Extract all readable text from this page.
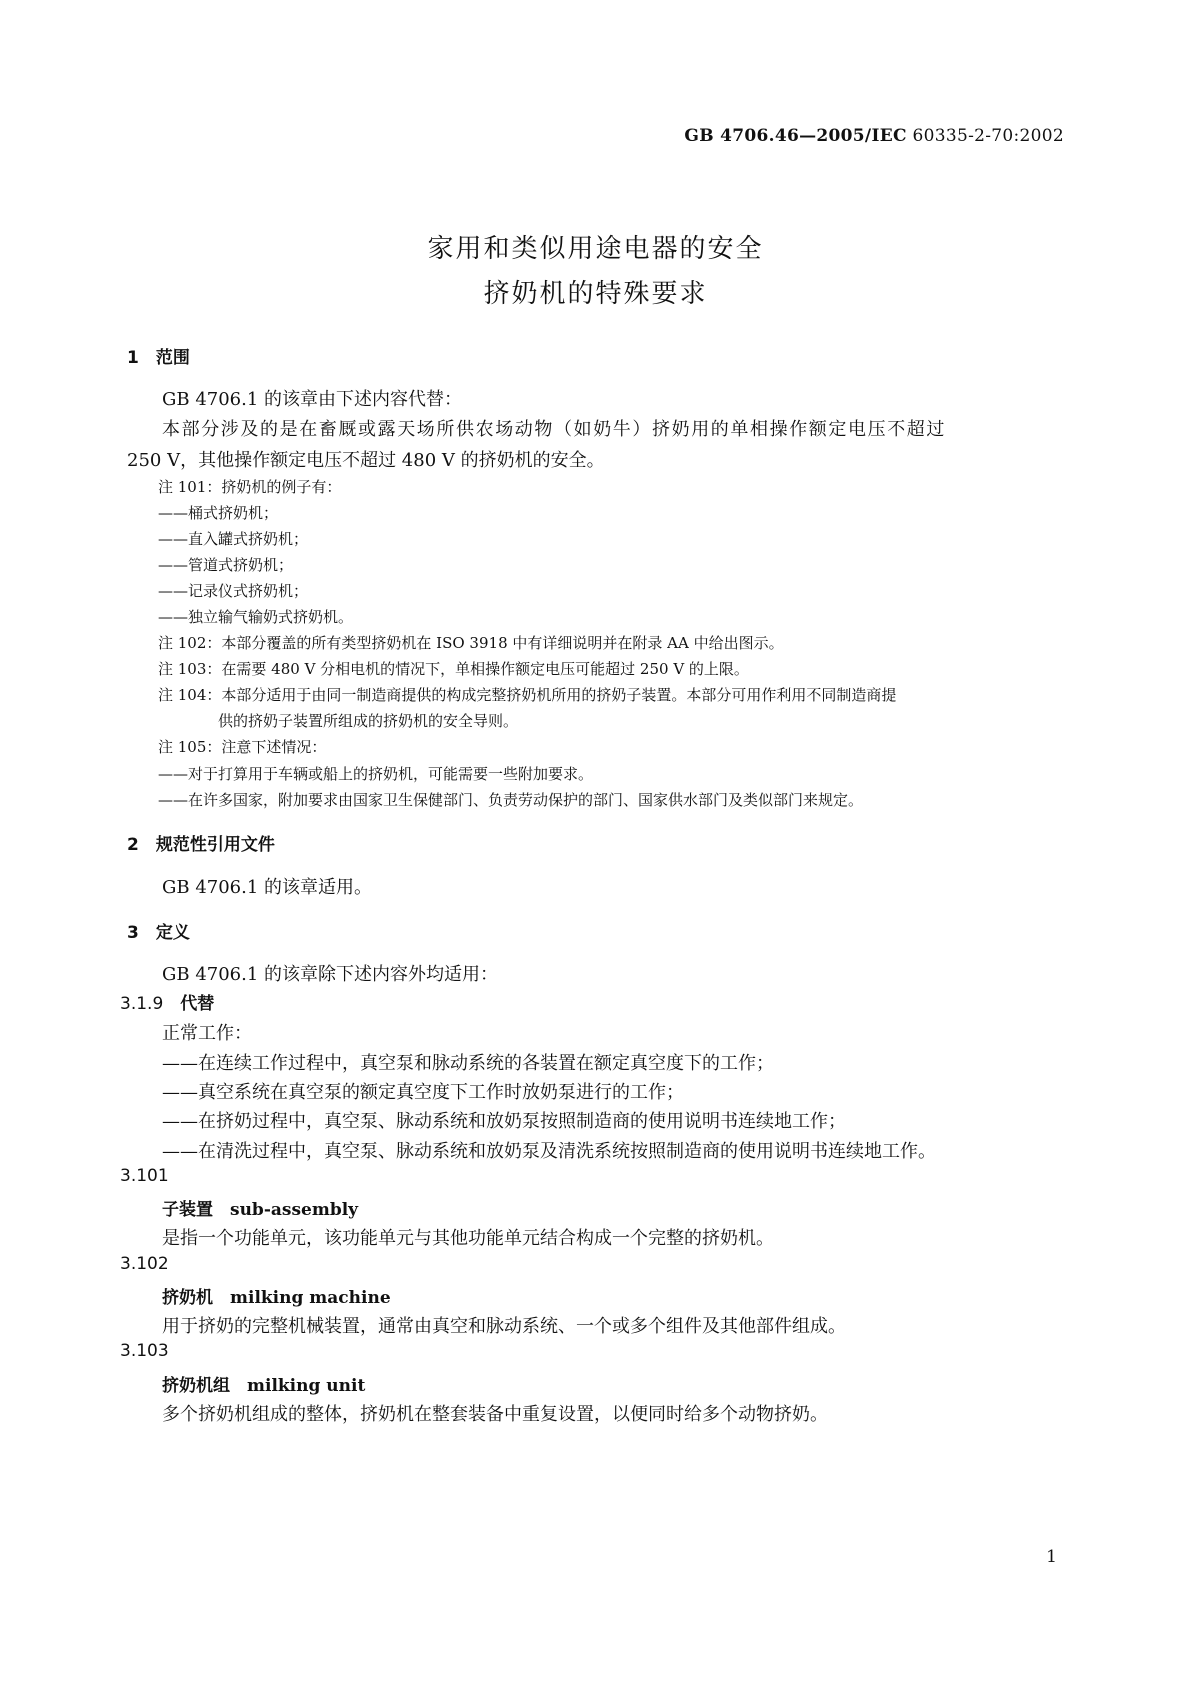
GB 4706.46—2005/IEC 60335-2-70:2002
家用和类似用途电器的安全
挤奶机的特殊要求
1　范围
GB 4706.1 的该章由下述内容代替：
本部分涉及的是在畜厩或露天场所供农场动物（如奶牛）挤奶用的单相操作额定电压不超过
250 V，其他操作额定电压不超过 480 V 的挤奶机的安全。
注 101：挤奶机的例子有：
——桶式挤奶机；
——直入罐式挤奶机；
——管道式挤奶机；
——记录仪式挤奶机；
——独立输气输奶式挤奶机。
注 102：本部分覆盖的所有类型挤奶机在 ISO 3918 中有详细说明并在附录 AA 中给出图示。
注 103：在需要 480 V 分相电机的情况下，单相操作额定电压可能超过 250 V 的上限。
注 104：本部分适用于由同一制造商提供的构成完整挤奶机所用的挤奶子装置。本部分可用作利用不同制造商提
供的挤奶子装置所组成的挤奶机的安全导则。
注 105：注意下述情况：
——对于打算用于车辆或船上的挤奶机，可能需要一些附加要求。
——在许多国家，附加要求由国家卫生保健部门、负责劳动保护的部门、国家供水部门及类似部门来规定。
2　规范性引用文件
GB 4706.1 的该章适用。
3　定义
GB 4706.1 的该章除下述内容外均适用：
3.1.9　代替
正常工作：
——在连续工作过程中，真空泵和脉动系统的各装置在额定真空度下的工作；
——真空系统在真空泵的额定真空度下工作时放奶泵进行的工作；
——在挤奶过程中，真空泵、脉动系统和放奶泵按照制造商的使用说明书连续地工作；
——在清洗过程中，真空泵、脉动系统和放奶泵及清洗系统按照制造商的使用说明书连续地工作。
3.101
子装置　sub-assembly
是指一个功能单元，该功能单元与其他功能单元结合构成一个完整的挤奶机。
3.102
挤奶机　milking machine
用于挤奶的完整机械装置，通常由真空和脉动系统、一个或多个组件及其他部件组成。
3.103
挤奶机组　milking unit
多个挤奶机组成的整体，挤奶机在整套装备中重复设置，以便同时给多个动物挤奶。
1
